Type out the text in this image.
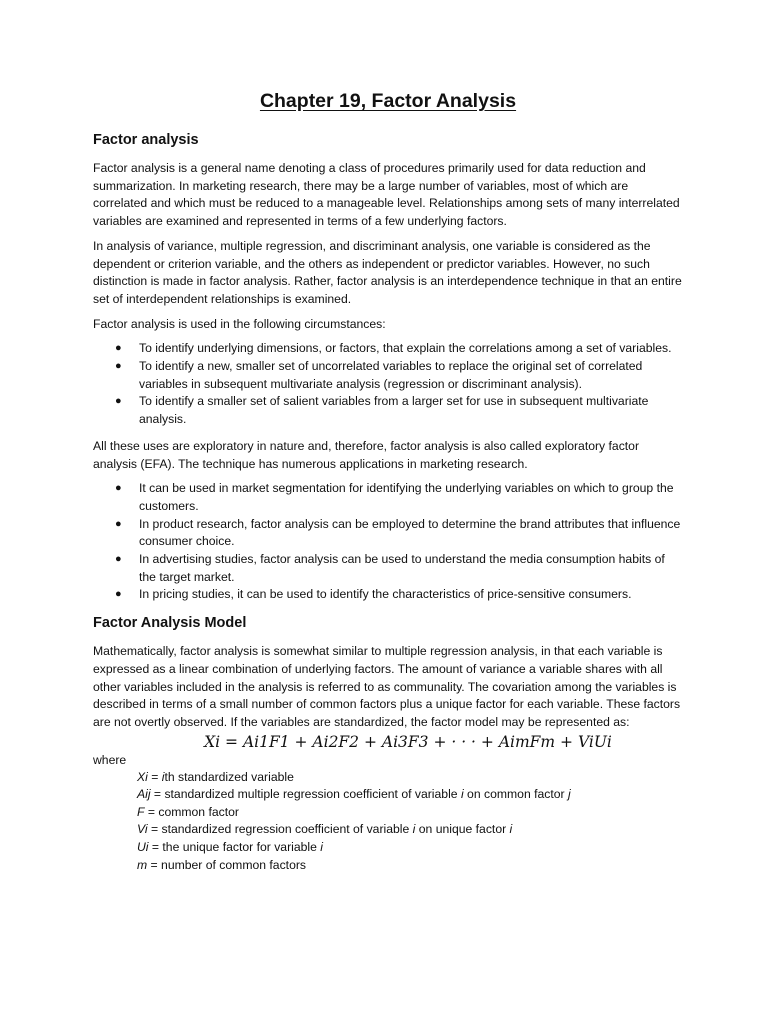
Chapter 19, Factor Analysis
Factor analysis

Factor analysis is a general name denoting a class of procedures primarily used for data reduction and summarization. In marketing research, there may be a large number of variables, most of which are correlated and which must be reduced to a manageable level. Relationships among sets of many interrelated variables are examined and represented in terms of a few underlying factors.

In analysis of variance, multiple regression, and discriminant analysis, one variable is considered as the dependent or criterion variable, and the others as independent or predictor variables. However, no such distinction is made in factor analysis. Rather, factor analysis is an interdependence technique in that an entire set of interdependent relationships is examined.

Factor analysis is used in the following circumstances:

● To identify underlying dimensions, or factors, that explain the correlations among a set of variables.
● To identify a new, smaller set of uncorrelated variables to replace the original set of correlated variables in subsequent multivariate analysis (regression or discriminant analysis).
● To identify a smaller set of salient variables from a larger set for use in subsequent multivariate analysis.

All these uses are exploratory in nature and, therefore, factor analysis is also called exploratory factor analysis (EFA). The technique has numerous applications in marketing research.

● It can be used in market segmentation for identifying the underlying variables on which to group the customers.
● In product research, factor analysis can be employed to determine the brand attributes that influence consumer choice.
● In advertising studies, factor analysis can be used to understand the media consumption habits of the target market.
● In pricing studies, it can be used to identify the characteristics of price-sensitive consumers.
Factor Analysis Model

Mathematically, factor analysis is somewhat similar to multiple regression analysis, in that each variable is expressed as a linear combination of underlying factors. The amount of variance a variable shares with all other variables included in the analysis is referred to as communality. The covariation among the variables is described in terms of a small number of common factors plus a unique factor for each variable. These factors are not overtly observed. If the variables are standardized, the factor model may be represented as:

Xi = Ai1F1 + Ai2F2 + Ai3F3 + · · · + AimFm + ViUi
where
Xi = ith standardized variable
Aij = standardized multiple regression coefficient of variable i on common factor j
F = common factor
Vi = standardized regression coefficient of variable i on unique factor i
Ui = the unique factor for variable i
m = number of common factors
